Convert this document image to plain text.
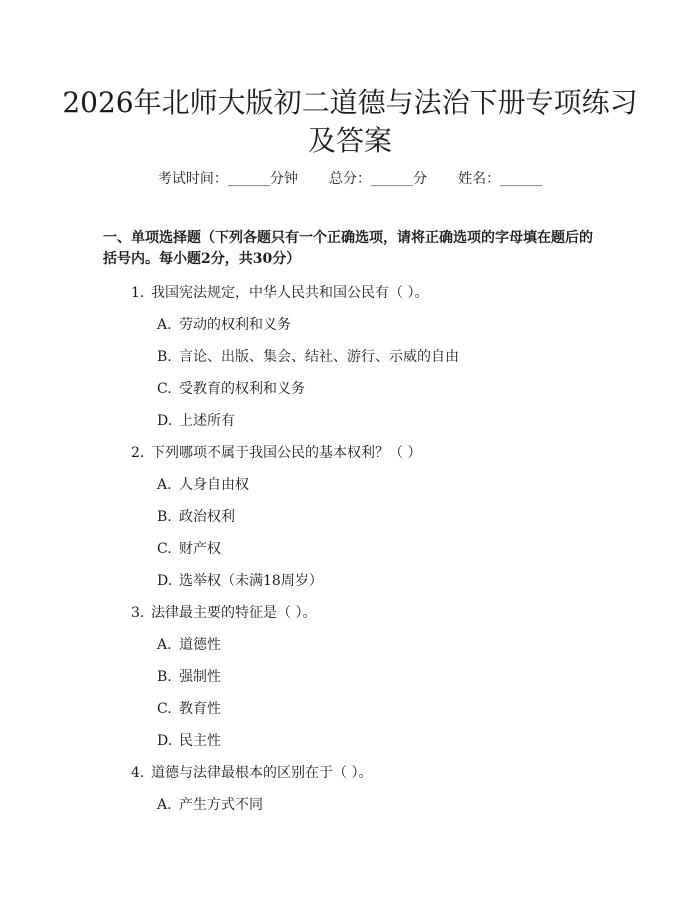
2026年北师大版初二道德与法治下册专项练习及答案
考试时间：______分钟 总分：______分 姓名：______

一、单项选择题（下列各题只有一个正确选项，请将正确选项的字母填在题后的括号内。每小题2分，共30分）

1. 我国宪法规定，中华人民共和国公民有（ ）。
A. 劳动的权利和义务
B. 言论、出版、集会、结社、游行、示威的自由
C. 受教育的权利和义务
D. 上述所有
2. 下列哪项不属于我国公民的基本权利？（ ）
A. 人身自由权
B. 政治权利
C. 财产权
D. 选举权（未满18周岁）
3. 法律最主要的特征是（ ）。
A. 道德性
B. 强制性
C. 教育性
D. 民主性
4. 道德与法律最根本的区别在于（ ）。
A. 产生方式不同
